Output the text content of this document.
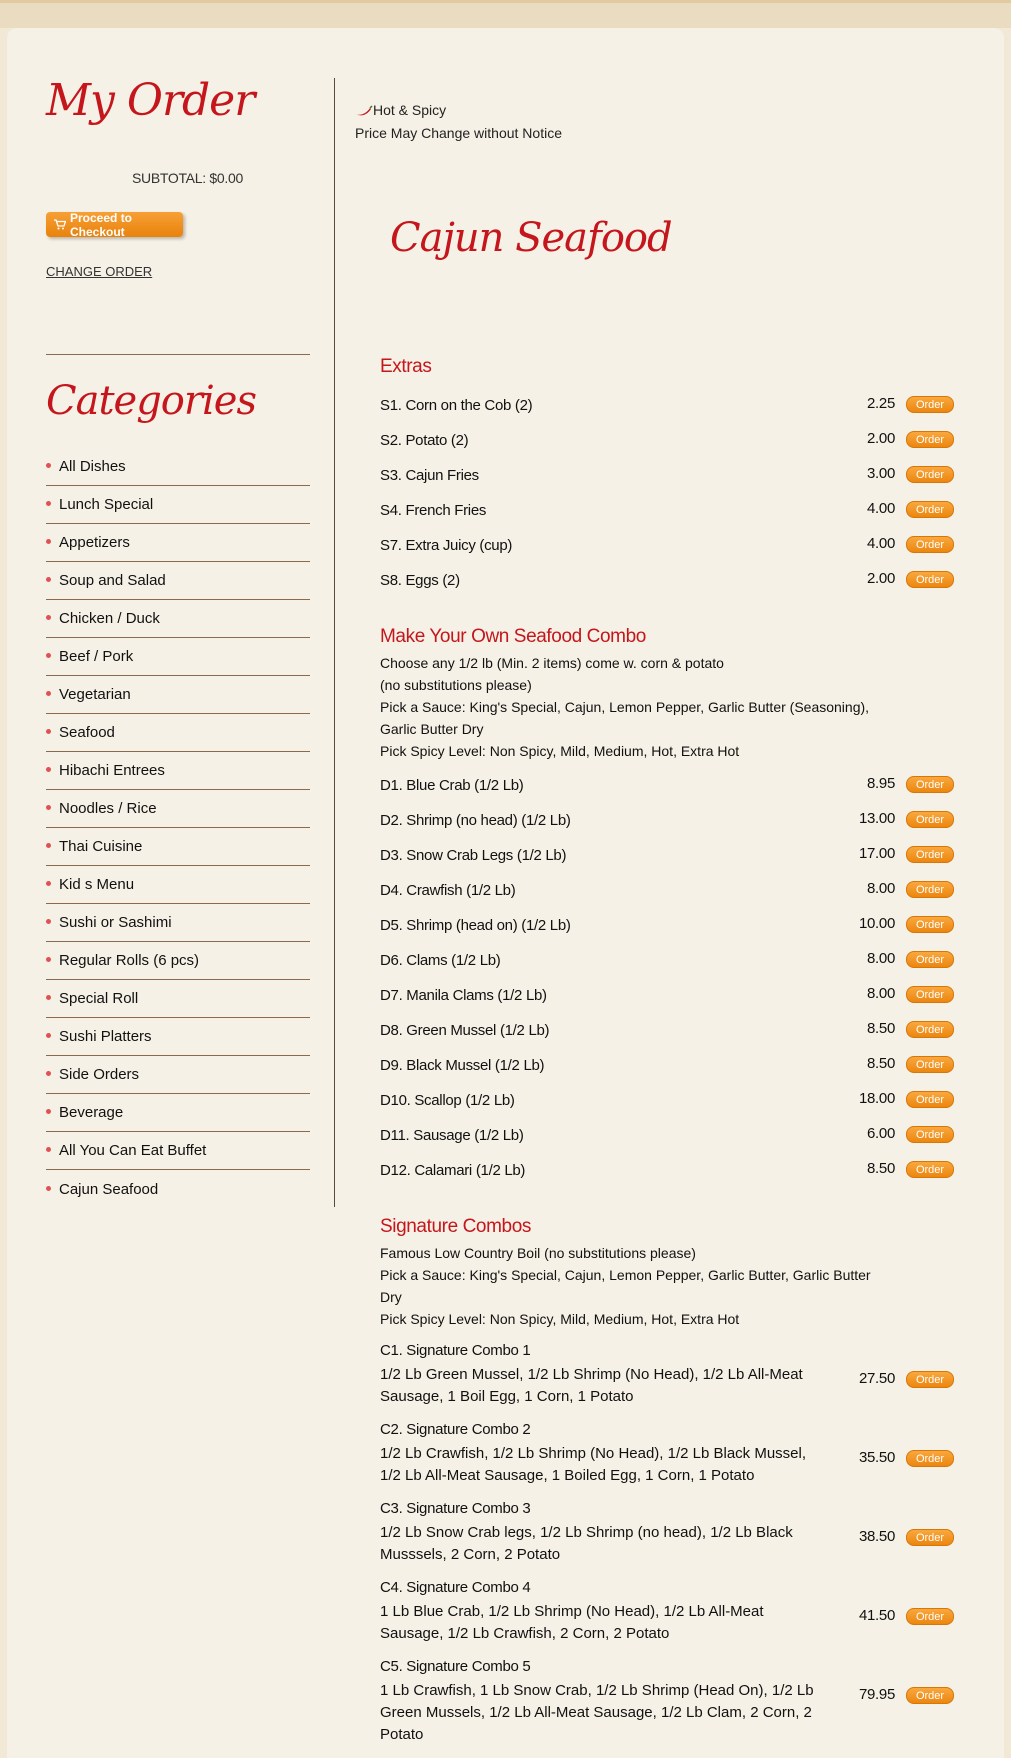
My Order
SUBTOTAL: $0.00
Proceed to Checkout
CHANGE ORDER
Categories
All Dishes
Lunch Special
Appetizers
Soup and Salad
Chicken / Duck
Beef / Pork
Vegetarian
Seafood
Hibachi Entrees
Noodles / Rice
Thai Cuisine
Kid s Menu
Sushi or Sashimi
Regular Rolls (6 pcs)
Special Roll
Sushi Platters
Side Orders
Beverage
All You Can Eat Buffet
Cajun Seafood
Hot & Spicy
Price May Change without Notice
Cajun Seafood
Extras
S1. Corn on the Cob (2)	2.25	Order
S2. Potato (2)	2.00	Order
S3. Cajun Fries	3.00	Order
S4. French Fries	4.00	Order
S7. Extra Juicy (cup)	4.00	Order
S8. Eggs (2)	2.00	Order
Make Your Own Seafood Combo
Choose any 1/2 lb (Min. 2 items) come w. corn & potato
(no substitutions please)
Pick a Sauce: King's Special, Cajun, Lemon Pepper, Garlic Butter (Seasoning),
Garlic Butter Dry
Pick Spicy Level: Non Spicy, Mild, Medium, Hot, Extra Hot
D1. Blue Crab (1/2 Lb)	8.95	Order
D2. Shrimp (no head) (1/2 Lb)	13.00	Order
D3. Snow Crab Legs (1/2 Lb)	17.00	Order
D4. Crawfish (1/2 Lb)	8.00	Order
D5. Shrimp (head on) (1/2 Lb)	10.00	Order
D6. Clams (1/2 Lb)	8.00	Order
D7. Manila Clams (1/2 Lb)	8.00	Order
D8. Green Mussel (1/2 Lb)	8.50	Order
D9. Black Mussel (1/2 Lb)	8.50	Order
D10. Scallop (1/2 Lb)	18.00	Order
D11. Sausage (1/2 Lb)	6.00	Order
D12. Calamari (1/2 Lb)	8.50	Order
Signature Combos
Famous Low Country Boil (no substitutions please)
Pick a Sauce: King's Special, Cajun, Lemon Pepper, Garlic Butter, Garlic Butter
Dry
Pick Spicy Level: Non Spicy, Mild, Medium, Hot, Extra Hot
C1. Signature Combo 1
1/2 Lb Green Mussel, 1/2 Lb Shrimp (No Head), 1/2 Lb All-Meat Sausage, 1 Boil Egg, 1 Corn, 1 Potato
27.50	Order
C2. Signature Combo 2
1/2 Lb Crawfish, 1/2 Lb Shrimp (No Head), 1/2 Lb Black Mussel, 1/2 Lb All-Meat Sausage, 1 Boiled Egg, 1 Corn, 1 Potato
35.50	Order
C3. Signature Combo 3
1/2 Lb Snow Crab legs, 1/2 Lb Shrimp (no head), 1/2 Lb Black Musssels, 2 Corn, 2 Potato
38.50	Order
C4. Signature Combo 4
1 Lb Blue Crab, 1/2 Lb Shrimp (No Head), 1/2 Lb All-Meat Sausage, 1/2 Lb Crawfish, 2 Corn, 2 Potato
41.50	Order
C5. Signature Combo 5
1 Lb Crawfish, 1 Lb Snow Crab, 1/2 Lb Shrimp (Head On), 1/2 Lb Green Mussels, 1/2 Lb All-Meat Sausage, 1/2 Lb Clam, 2 Corn, 2 Potato
79.95	Order
